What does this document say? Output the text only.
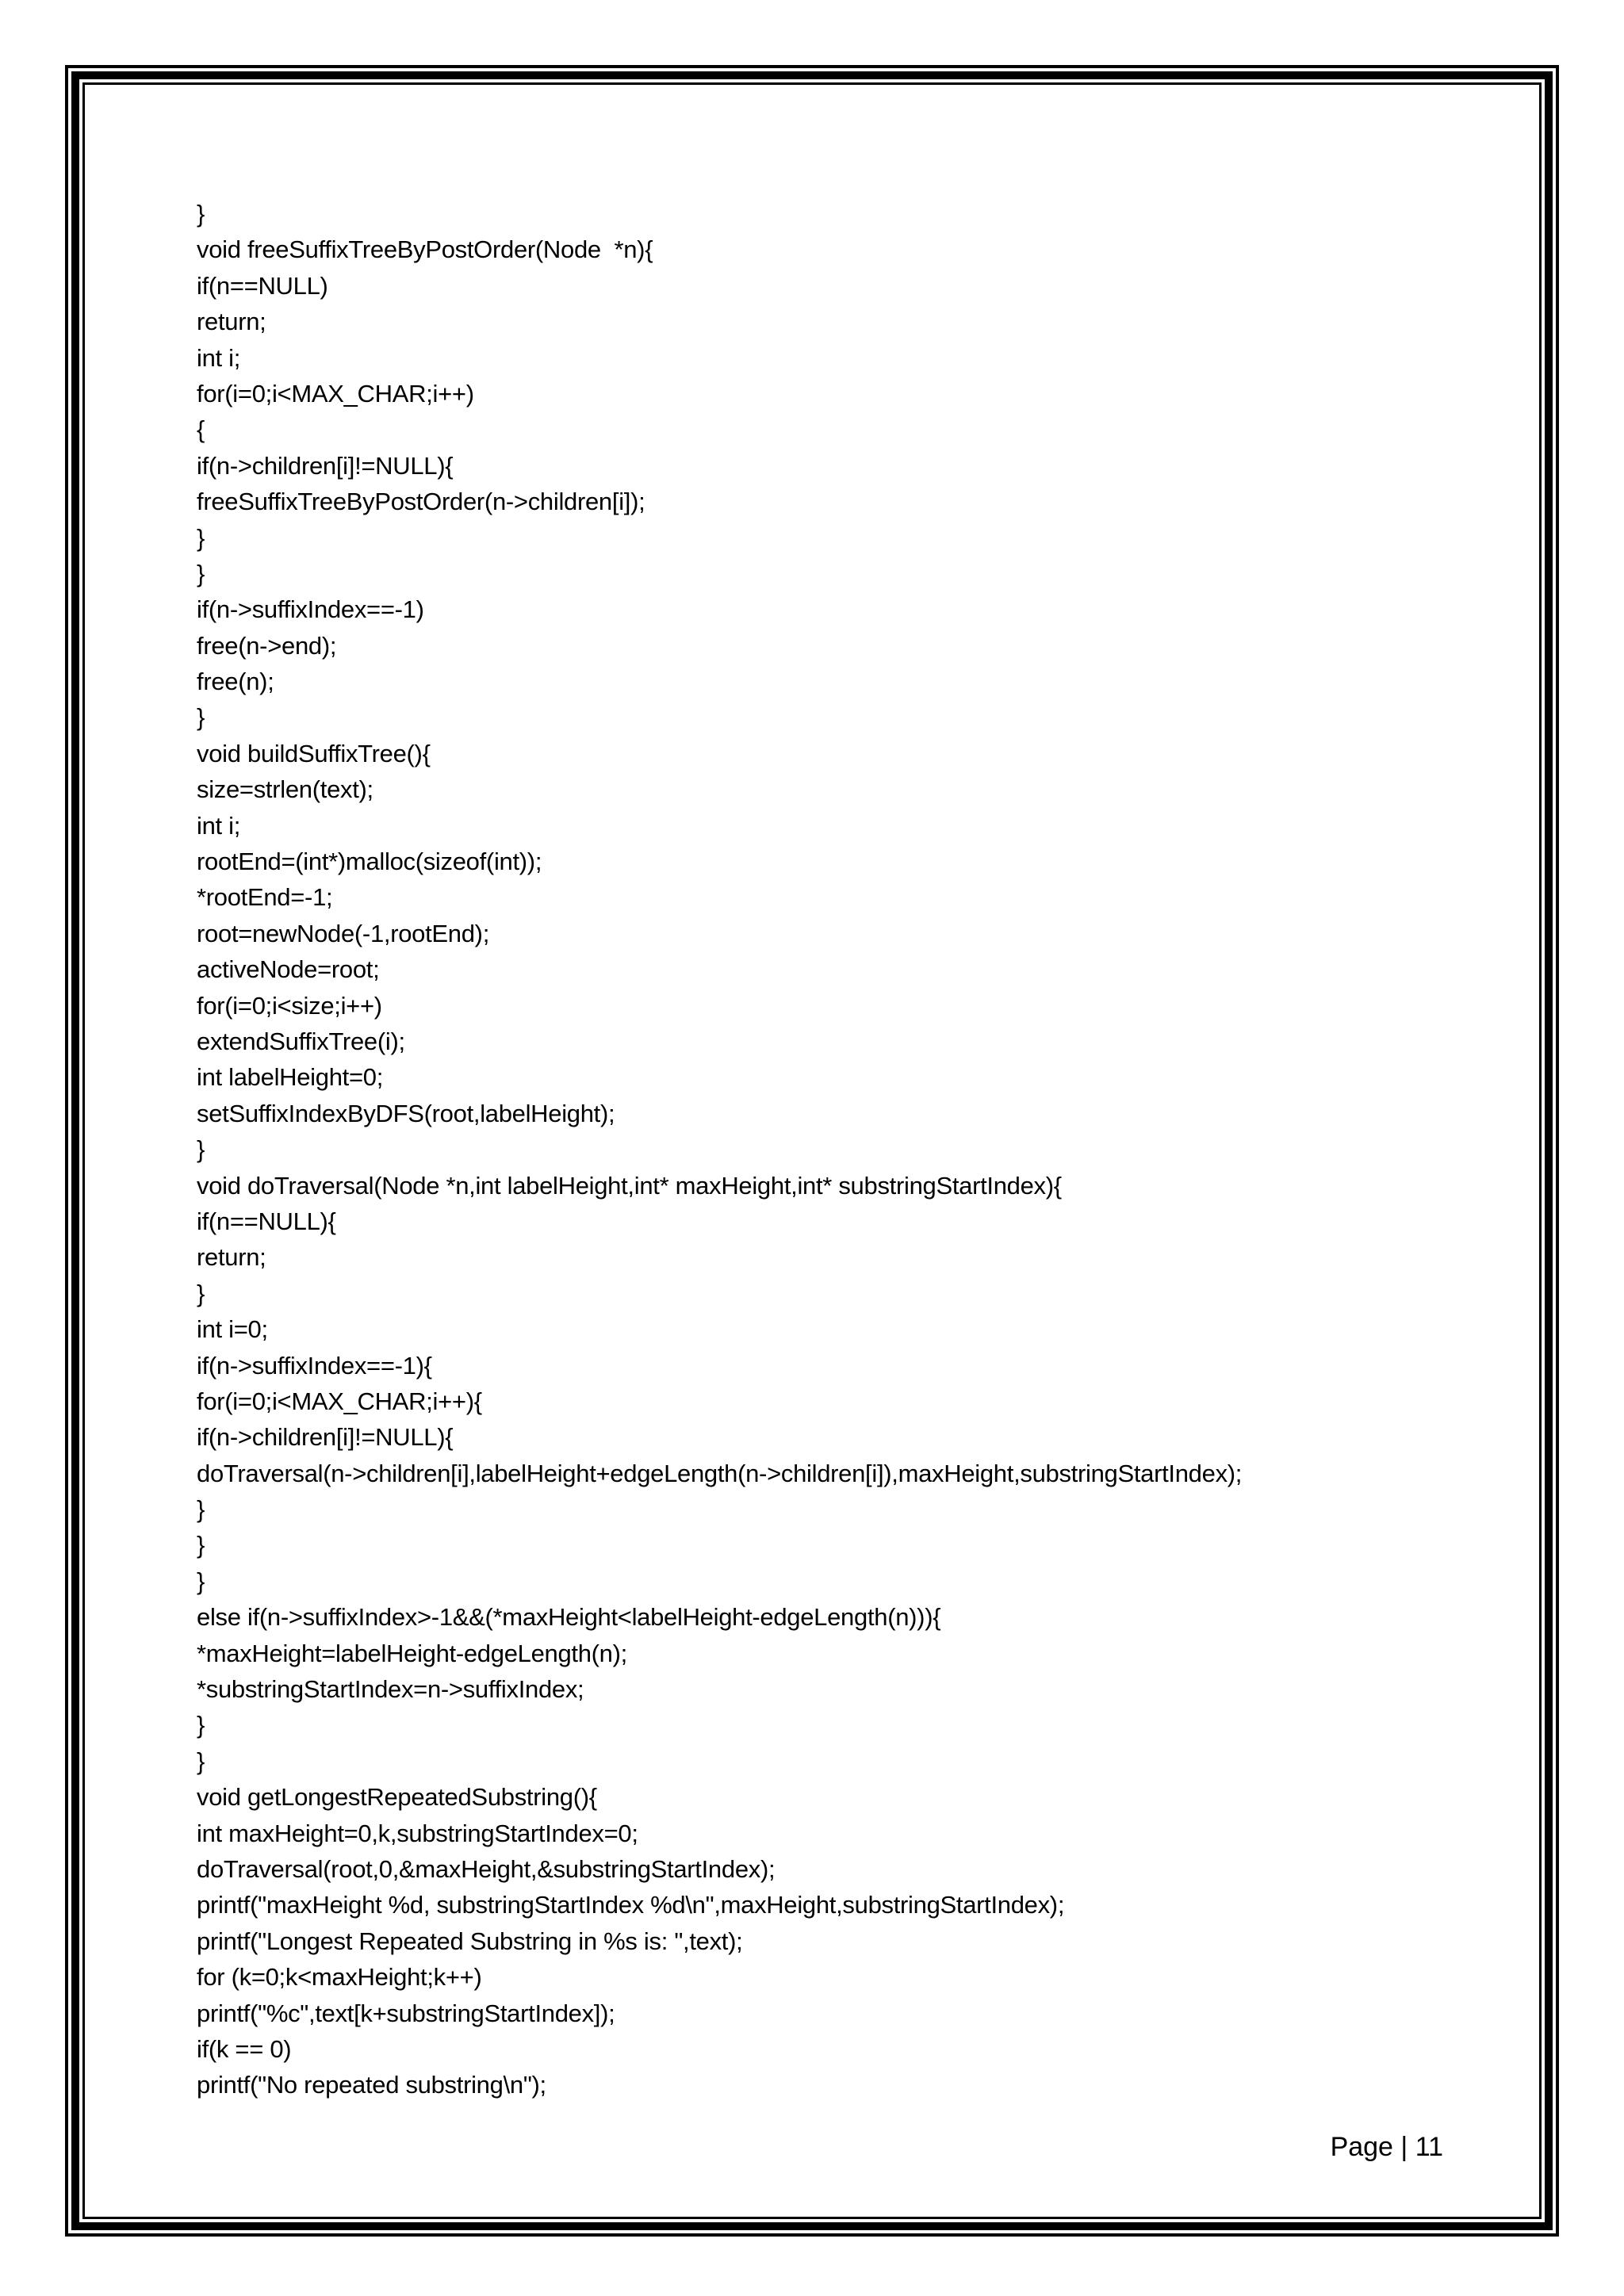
}
void freeSuffixTreeByPostOrder(Node  *n){
if(n==NULL)
return;
int i;
for(i=0;i<MAX_CHAR;i++)
{
if(n->children[i]!=NULL){
freeSuffixTreeByPostOrder(n->children[i]);
}
}
if(n->suffixIndex==-1)
free(n->end);
free(n);
}
void buildSuffixTree(){
size=strlen(text);
int i;
rootEnd=(int*)malloc(sizeof(int));
*rootEnd=-1;
root=newNode(-1,rootEnd);
activeNode=root;
for(i=0;i<size;i++)
extendSuffixTree(i);
int labelHeight=0;
setSuffixIndexByDFS(root,labelHeight);
}
void doTraversal(Node *n,int labelHeight,int* maxHeight,int* substringStartIndex){
if(n==NULL){
return;
}
int i=0;
if(n->suffixIndex==-1){
for(i=0;i<MAX_CHAR;i++){
if(n->children[i]!=NULL){
doTraversal(n->children[i],labelHeight+edgeLength(n->children[i]),maxHeight,substringStartIndex);
}
}
}
else if(n->suffixIndex>-1&&(*maxHeight<labelHeight-edgeLength(n))){
*maxHeight=labelHeight-edgeLength(n);
*substringStartIndex=n->suffixIndex;
}
}
void getLongestRepeatedSubstring(){
int maxHeight=0,k,substringStartIndex=0;
doTraversal(root,0,&maxHeight,&substringStartIndex);
printf("maxHeight %d, substringStartIndex %d\n",maxHeight,substringStartIndex);
printf("Longest Repeated Substring in %s is: ",text);
for (k=0;k<maxHeight;k++)
printf("%c",text[k+substringStartIndex]);
if(k == 0)
printf("No repeated substring\n");
Page | 11
